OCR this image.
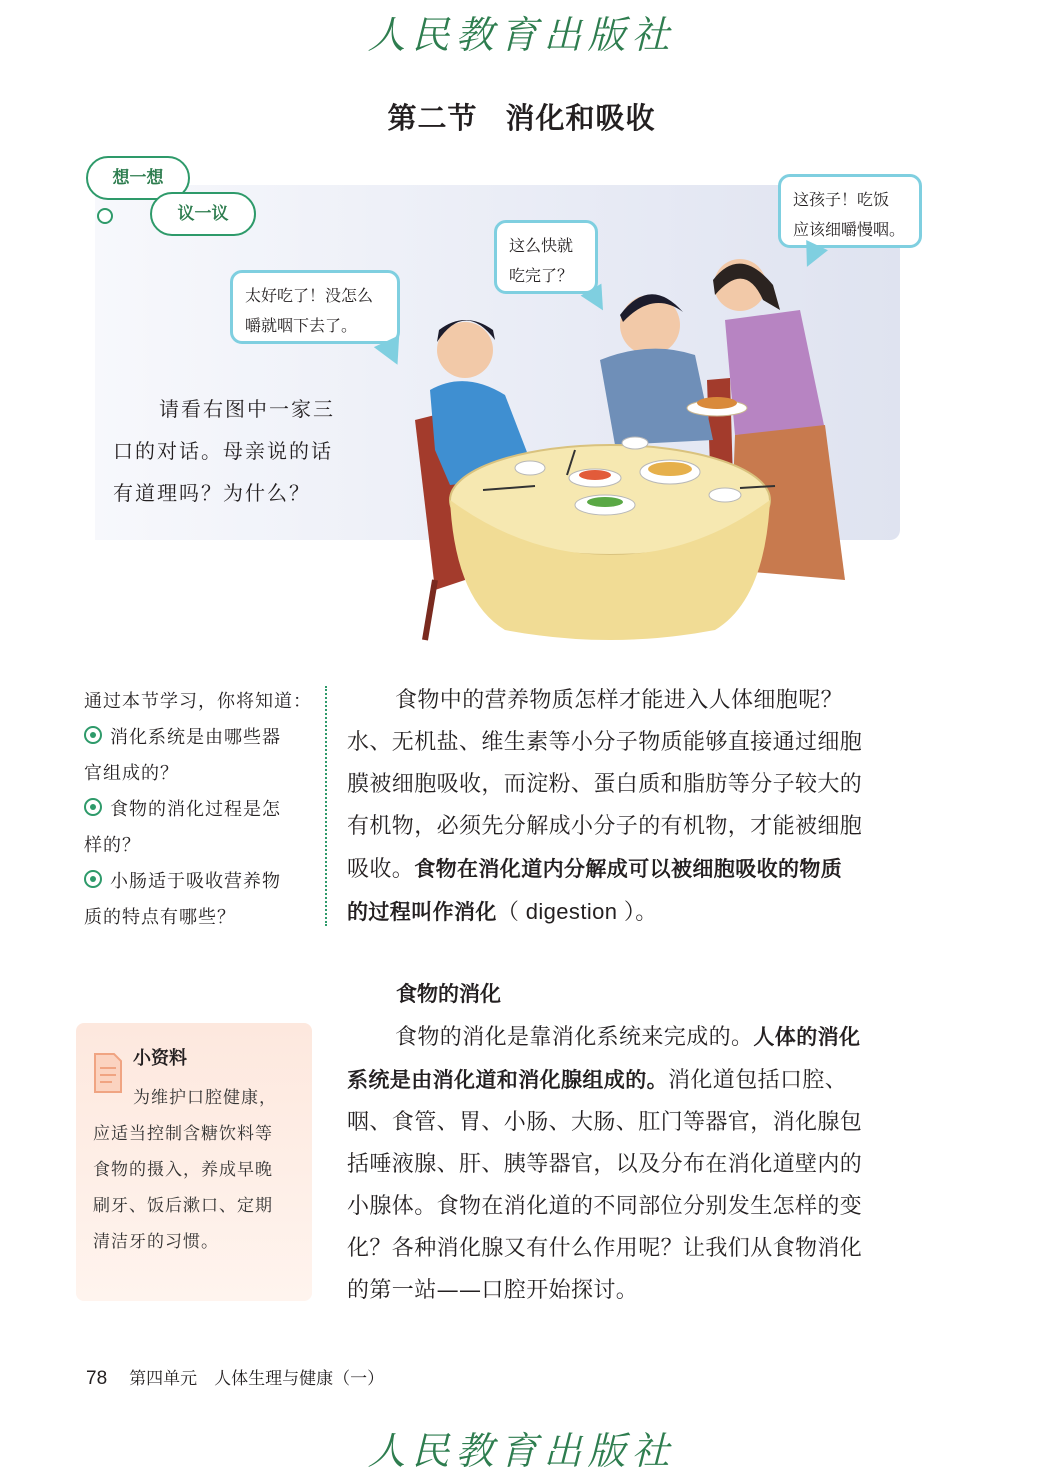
人民教育出版社
第二节 消化和吸收
想一想
议一议
太好吃了！没怎么
嚼就咽下去了。
这么快就
吃完了？
这孩子！吃饭
应该细嚼慢咽。
请看右图中一家三
口的对话。母亲说的话
有道理吗？为什么？
通过本节学习，你将知道：
消化系统是由哪些器
官组成的？
食物的消化过程是怎
样的？
小肠适于吸收营养物
质的特点有哪些？
食物中的营养物质怎样才能进入人体细胞呢？
水、无机盐、维生素等小分子物质能够直接通过细胞
膜被细胞吸收，而淀粉、蛋白质和脂肪等分子较大的
有机物，必须先分解成小分子的有机物，才能被细胞
吸收。食物在消化道内分解成可以被细胞吸收的物质
的过程叫作消化（ digestion ）。
食物的消化
食物的消化是靠消化系统来完成的。人体的消化
系统是由消化道和消化腺组成的。消化道包括口腔、
咽、食管、胃、小肠、大肠、肛门等器官，消化腺包
括唾液腺、肝、胰等器官，以及分布在消化道壁内的
小腺体。食物在消化道的不同部位分别发生怎样的变
化？各种消化腺又有什么作用呢？让我们从食物消化
的第一站——口腔开始探讨。
小资料
为维护口腔健康，
应适当控制含糖饮料等
食物的摄入，养成早晚
刷牙、饭后漱口、定期
清洁牙的习惯。
78 第四单元　人体生理与健康（一）
人民教育出版社
